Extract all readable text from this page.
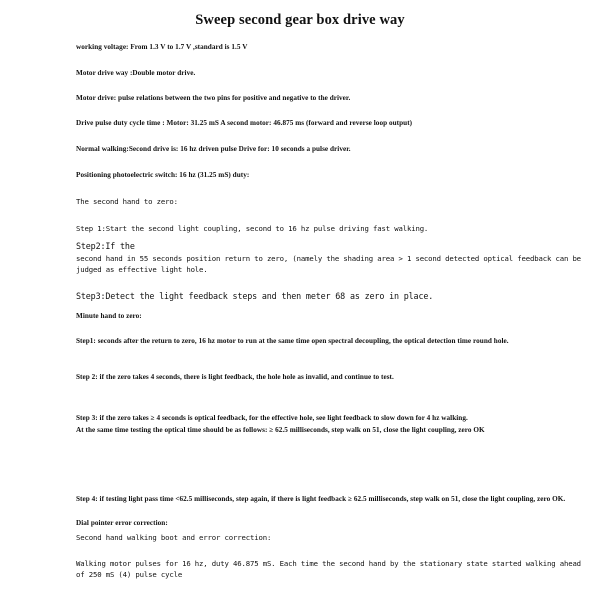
Sweep second gear box drive way
working voltage: From 1.3 V to 1.7 V ,standard is 1.5 V
Motor drive way :Double motor drive.
Motor drive: pulse relations between the two pins for positive and negative to the driver.
Drive pulse duty cycle time : Motor: 31.25 mS A second motor: 46.875 ms (forward and reverse loop output)
Normal walking:Second drive is: 16 hz driven pulse Drive for: 10 seconds a pulse driver.
Positioning photoelectric switch: 16 hz (31.25 mS) duty:
The second hand to zero:
Step 1:Start the second light coupling, second to 16 hz pulse driving fast walking.
Step2:If the
second hand in 55 seconds position return to zero, (namely the shading area > 1 second detected optical feedback can be judged as effective light hole.
Step3:Detect the light feedback steps and then meter 68 as zero in place.
Minute hand to zero:
Step1: seconds after the return to zero, 16 hz motor to run at the same time open spectral decoupling, the optical detection time round hole.
Step 2: if the zero takes 4 seconds, there is light feedback, the hole hole as invalid, and continue to test.
Step 3: if the zero takes ≥ 4 seconds is optical feedback, for the effective hole, see light feedback to slow down for 4 hz walking.
At the same time testing the optical time should be as follows: ≥ 62.5 milliseconds, step walk on 51, close the light coupling, zero OK
Step 4: if testing light pass time <62.5 milliseconds, step again, if there is light feedback ≥ 62.5 milliseconds, step walk on 51, close the light coupling, zero OK.
Dial pointer error correction:
Second hand walking boot and error correction:
Walking motor pulses for 16 hz, duty 46.875 mS. Each time the second hand by the stationary state started walking ahead of 250 mS (4) pulse cycle
